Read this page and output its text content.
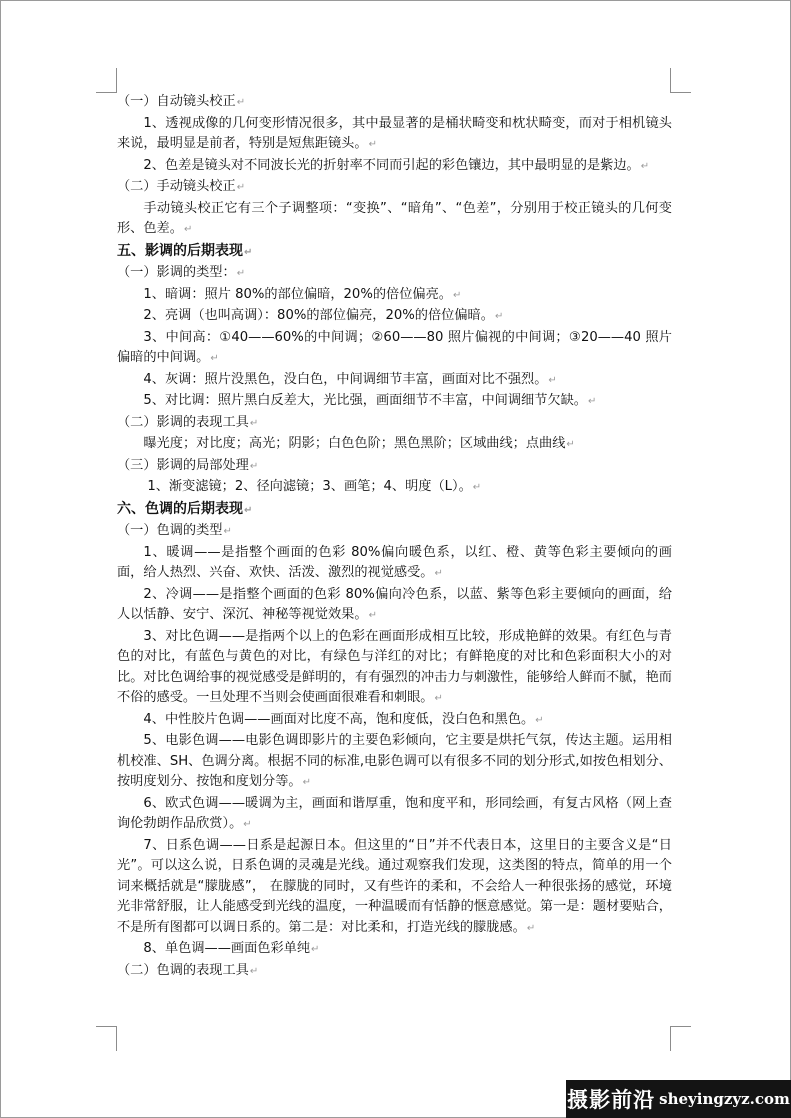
（一）自动镜头校正↵

1、透视成像的几何变形情况很多，其中最显著的是桶状畸变和枕状畸变，而对于相机镜头来说，最明显是前者，特别是短焦距镜头。↵

2、色差是镜头对不同波长光的折射率不同而引起的彩色镶边，其中最明显的是紫边。↵

（二）手动镜头校正↵

手动镜头校正它有三个子调整项：“变换”、“暗角”、“色差”，分别用于校正镜头的几何变形、色差。↵

五、影调的后期表现↵

（一）影调的类型：↵

1、暗调：照片 80%的部位偏暗，20%的倍位偏亮。↵

2、亮调（也叫高调）：80%的部位偏亮，20%的倍位偏暗。↵

3、中间高：①40——60%的中间调；②60——80 照片偏视的中间调；③20——40 照片偏暗的中间调。↵

4、灰调：照片没黑色，没白色，中间调细节丰富，画面对比不强烈。↵

5、对比调：照片黑白反差大，光比强，画面细节不丰富，中间调细节欠缺。↵

（二）影调的表现工具↵

曝光度；对比度；高光；阴影；白色色阶；黑色黑阶；区域曲线；点曲线↵

（三）影调的局部处理↵

1、渐变滤镜；2、径向滤镜；3、画笔；4、明度（L）。↵

六、色调的后期表现↵

（一）色调的类型↵

1、暖调——是指整个画面的色彩 80%偏向暖色系，以红、橙、黄等色彩主要倾向的画面，给人热烈、兴奋、欢快、活泼、激烈的视觉感受。↵

2、冷调——是指整个画面的色彩 80%偏向冷色系，以蓝、紫等色彩主要倾向的画面，给人以恬静、安宁、深沉、神秘等视觉效果。↵

3、对比色调——是指两个以上的色彩在画面形成相互比较，形成艳鲜的效果。有红色与青色的对比，有蓝色与黄色的对比，有绿色与洋红的对比；有鲜艳度的对比和色彩面积大小的对比。对比色调给事的视觉感受是鲜明的，有有强烈的冲击力与刺激性，能够给人鲜而不腻，艳而不俗的感受。一旦处理不当则会使画面很难看和刺眼。↵

4、中性胶片色调——画面对比度不高，饱和度低，没白色和黑色。↵

5、电影色调——电影色调即影片的主要色彩倾向，它主要是烘托气氛，传达主题。运用相机校准、SH、色调分离。根据不同的标准,电影色调可以有很多不同的划分形式,如按色相划分、按明度划分、按饱和度划分等。↵

6、欧式色调——暖调为主，画面和谐厚重，饱和度平和，形同绘画，有复古风格（网上查询伦勃朗作品欣赏）。↵

7、日系色调——日系是起源日本。但这里的“日”并不代表日本，这里日的主要含义是“日光”。可以这么说，日系色调的灵魂是光线。通过观察我们发现，这类图的特点，简单的用一个词来概括就是“朦胧感”， 在朦胧的同时，又有些许的柔和，不会给人一种很张扬的感觉，环境光非常舒服，让人能感受到光线的温度，一种温暖而有恬静的惬意感觉。第一是：题材要贴合，不是所有图都可以调日系的。第二是：对比柔和，打造光线的朦胧感。↵

8、单色调——画面色彩单纯↵

（二）色调的表现工具↵

摄影前沿 sheyingzyz.com
